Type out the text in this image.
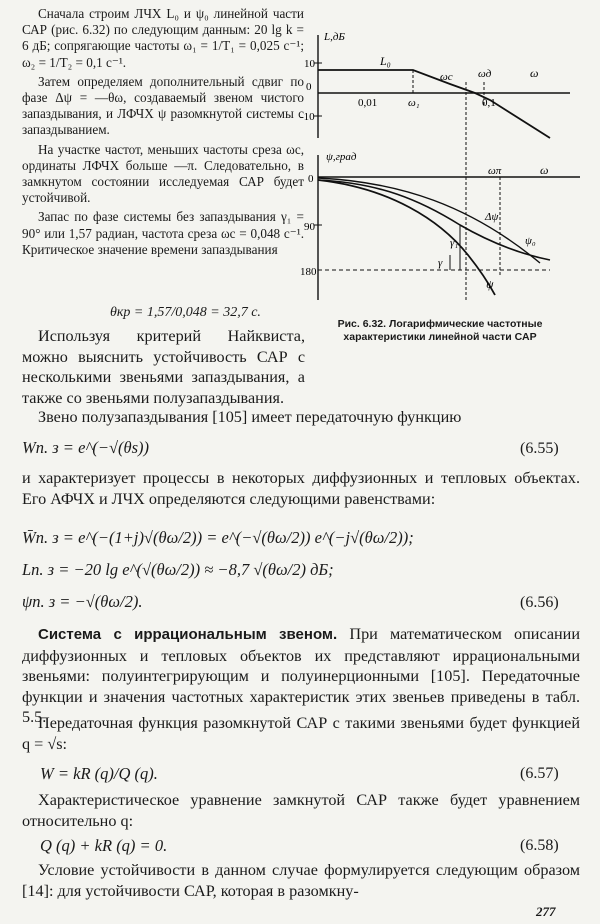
Сначала строим ЛЧХ L₀ и ψ₀ линейной части САР (рис. 6.32) по следующим данным: 20 lg k = 6 дБ; сопрягающие частоты ω₁ = 1/T₁ = 0,025 с⁻¹; ω₂ = 1/T₂ = 0,1 с⁻¹.

Затем определяем дополнительный сдвиг по фазе Δψ = —θω, создаваемый звеном чистого запаздывания, и ЛФЧХ ψ разомкнутой системы с запаздыванием.

На участке частот, меньших частоты среза ωc, ординаты ЛФЧХ больше —π. Следовательно, в замкнутом состоянии исследуемая САР будет устойчивой.

Запас по фазе системы без запаздывания γ₁ = 90° или 1,57 радиан, частота среза ωc = 0,048 с⁻¹. Критическое значение времени запаздывания

θкр = 1,57/0,048 = 32,7 с.
L,дБ
10
0
-10
L₀
ωc ωд	ω
0,01	ω₁	0,1
ψ,град
0
90
180
ωπ	ω
Δψ
ψ₀
γ₁
γ
ψ
Рис. 6.32. Логарифмические частотные характеристики линейной части САР

Используя критерий Найквиста, можно выяснить устойчивость САР с несколькими звеньями запаздывания, а также со звеньями полузапаздывания.

Звено полузапаздывания [105] имеет передаточную функцию

Wп. з = e^(−√(θs))	(6.55)

и характеризует процессы в некоторых диффузионных и тепловых объектах. Его АФЧХ и ЛЧХ определяются следующими равенствами:

W̄п. з = e^(−(1+j)√(θω/2)) = e^(−√(θω/2)) e^(−j√(θω/2));
Lп. з = −20 lg e^(√(θω/2)) ≈ −8,7 √(θω/2) дБ;
ψп. з = −√(θω/2).	(6.56)

Система с иррациональным звеном. При математическом описании диффузионных и тепловых объектов их представляют иррациональными звеньями: полуинтегрирующим и полуинерционными [105]. Передаточные функции и значения частотных характеристик этих звеньев приведены в табл. 5.5.

Передаточная функция разомкнутой САР с такими звеньями будет функцией q = √s:

W = kR (q)/Q (q).	(6.57)

Характеристическое уравнение замкнутой САР также будет уравнением относительно q:

Q (q) + kR (q) = 0.	(6.58)

Условие устойчивости в данном случае формулируется следующим образом [14]: для устойчивости САР, которая в разомкну-

277
